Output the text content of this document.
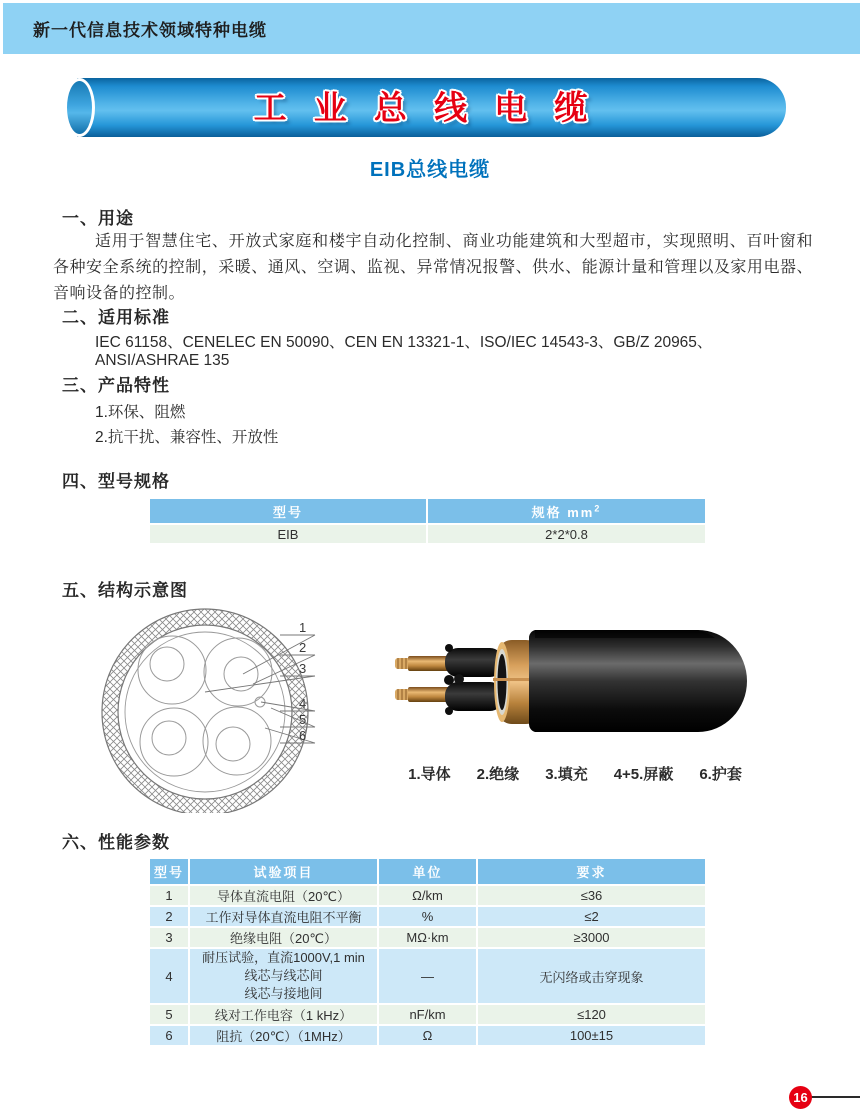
新一代信息技术领域特种电缆
工 业 总 线 电 缆
EIB总线电缆
一、用途
适用于智慧住宅、开放式家庭和楼宇自动化控制、商业功能建筑和大型超市，实现照明、百叶窗和各种安全系统的控制，采暖、通风、空调、监视、异常情况报警、供水、能源计量和管理以及家用电器、音响设备的控制。
二、适用标准
IEC 61158、CENELEC EN 50090、CEN EN 13321-1、ISO/IEC 14543-3、GB/Z 20965、ANSI/ASHRAE 135
三、产品特性
1.环保、阻燃
2.抗干扰、兼容性、开放性
四、型号规格
型号	规格 $mm^2$
EIB	2*2*0.8
五、结构示意图
1
2
3
4
5
6
1.导体 2.绝缘 3.填充 4+5.屏蔽 6.护套
六、性能参数
型号	试验项目	单位	要求
1	导体直流电阻（20℃）	Ω/km	≤36
2	工作对导体直流电阻不平衡	%	≤2
3	绝缘电阻（20℃）	MΩ·km	≥3000
4	耐压试验，直流1000V,1 min
线芯与线芯间
线芯与接地间	—	无闪络或击穿现象
5	线对工作电容（1 kHz）	nF/km	≤120
6	阻抗（20℃）（1MHz）	Ω	100±15
16
